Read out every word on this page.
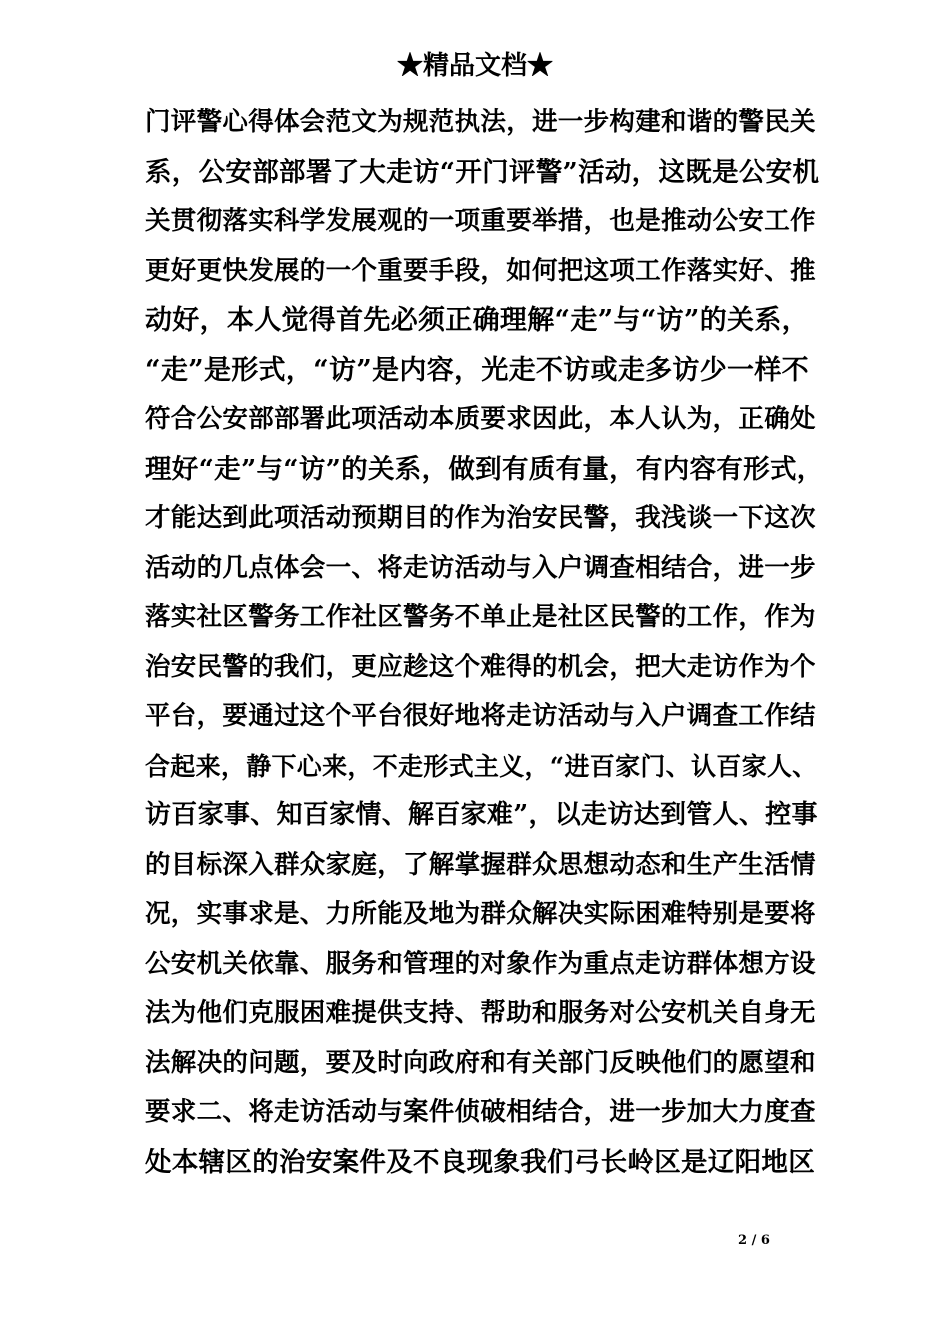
★精品文档★
门评警心得体会范文为规范执法，进一步构建和谐的警民关
系，公安部部署了大走访“开门评警”活动，这既是公安机
关贯彻落实科学发展观的一项重要举措，也是推动公安工作
更好更快发展的一个重要手段，如何把这项工作落实好、推
动好，本人觉得首先必须正确理解“走”与“访”的关系，
“走”是形式，“访”是内容，光走不访或走多访少一样不
符合公安部部署此项活动本质要求因此，本人认为，正确处
理好“走”与“访”的关系，做到有质有量，有内容有形式，
才能达到此项活动预期目的作为治安民警，我浅谈一下这次
活动的几点体会一、将走访活动与入户调查相结合，进一步
落实社区警务工作社区警务不单止是社区民警的工作，作为
治安民警的我们，更应趁这个难得的机会，把大走访作为个
平台，要通过这个平台很好地将走访活动与入户调查工作结
合起来，静下心来，不走形式主义，“进百家门、认百家人、
访百家事、知百家情、解百家难”，以走访达到管人、控事
的目标深入群众家庭，了解掌握群众思想动态和生产生活情
况，实事求是、力所能及地为群众解决实际困难特别是要将
公安机关依靠、服务和管理的对象作为重点走访群体想方设
法为他们克服困难提供支持、帮助和服务对公安机关自身无
法解决的问题，要及时向政府和有关部门反映他们的愿望和
要求二、将走访活动与案件侦破相结合，进一步加大力度查
处本辖区的治安案件及不良现象我们弓长岭区是辽阳地区
2 / 6
